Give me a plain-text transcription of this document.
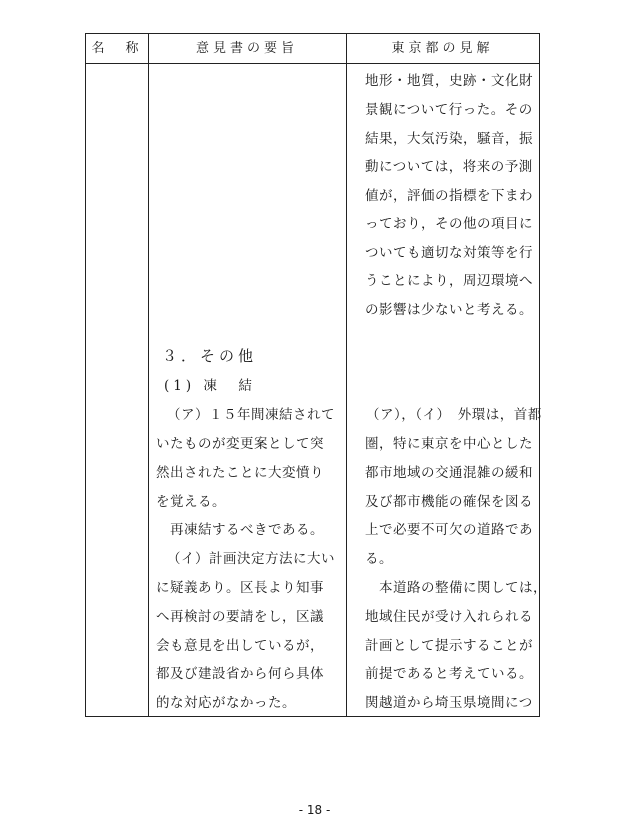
名　称	意見書の要旨	東京都の見解
地形・地質，史跡・文化財
景観について行った。その
結果，大気汚染，騒音，振
動については，将来の予測
値が，評価の指標を下まわ
っており，その他の項目に
ついても適切な対策等を行
うことにより，周辺環境へ
の影響は少ないと考える。
３．その他
(1) 凍　結
（ア）１５年間凍結されて
いたものが変更案として突
然出されたことに大変憤り
を覚える。
　再凍結するべきである。
（イ）計画決定方法に大い
に疑義あり。区長より知事
へ再検討の要請をし，区議
会も意見を出しているが，
都及び建設省から何ら具体
的な対応がなかった。
（ア），（イ）　外環は，首都
圏，特に東京を中心とした
都市地域の交通混雑の緩和
及び都市機能の確保を図る
上で必要不可欠の道路であ
る。
　本道路の整備に関しては，
地域住民が受け入れられる
計画として提示することが
前提であると考えている。
関越道から埼玉県境間につ
- 18 -
